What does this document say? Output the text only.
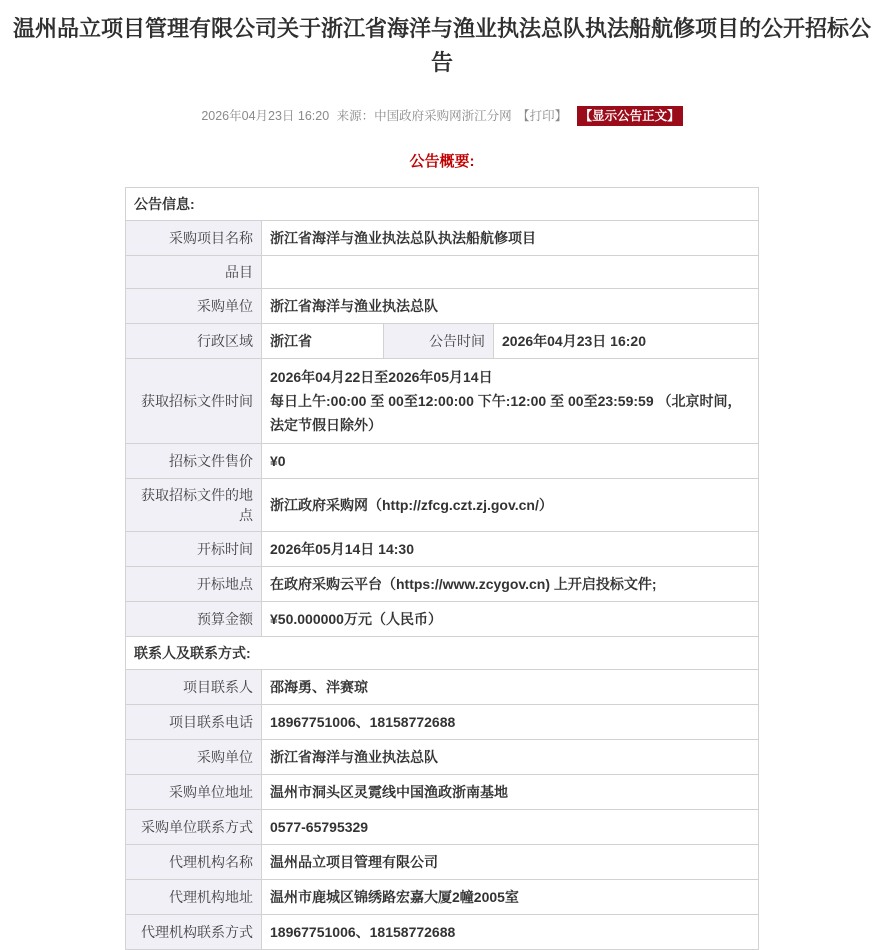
温州品立项目管理有限公司关于浙江省海洋与渔业执法总队执法船航修项目的公开招标公告
2026年04月23日 16:20 来源：中国政府采购网浙江分网 【打印】 【显示公告正文】
公告概要:
公告信息:			
采购项目名称	浙江省海洋与渔业执法总队执法船航修项目		
品目			
采购单位	浙江省海洋与渔业执法总队		
行政区域	浙江省	公告时间	2026年04月23日 16:20
获取招标文件时间	2026年04月22日至2026年05月14日
每日上午:00:00 至 00至12:00:00 下午:12:00 至 00至23:59:59 （北京时间，法定节假日除外）		

招标文件售价	¥0		
获取招标文件的地点	浙江政府采购网（http://zfcg.czt.zj.gov.cn/）		
开标时间	2026年05月14日 14:30		
开标地点	在政府采购云平台（https://www.zcygov.cn) 上开启投标文件;		
预算金额	¥50.000000万元（人民币）		
联系人及联系方式:			
项目联系人	邵海勇、泮赛琼		
项目联系电话	18967751006、18158772688		
采购单位	浙江省海洋与渔业执法总队		
采购单位地址	温州市洞头区灵霓线中国渔政浙南基地		
采购单位联系方式	0577-65795329		
代理机构名称	温州品立项目管理有限公司		
代理机构地址	温州市鹿城区锦绣路宏嘉大厦2幢2005室		
代理机构联系方式	18967751006、18158772688		
